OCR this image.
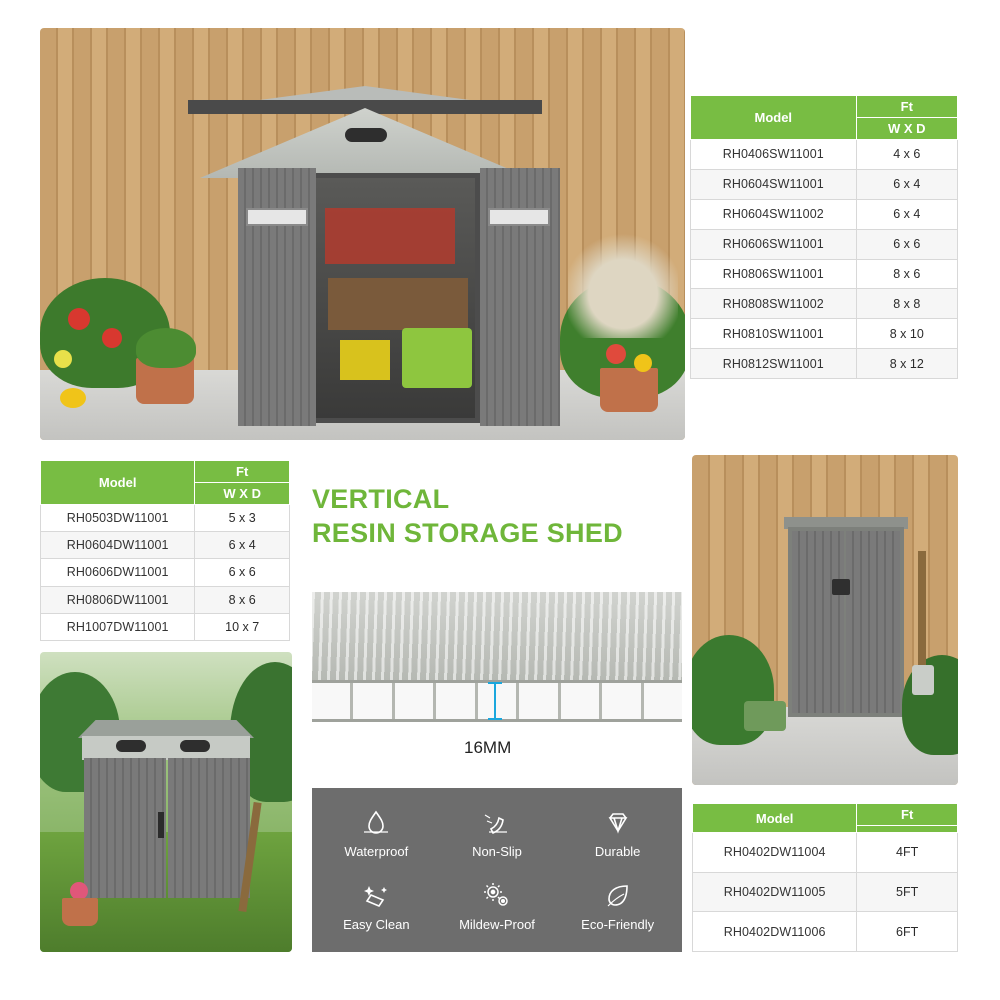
Model	Ft
	W X D
RH0406SW11001	4 x 6
RH0604SW11001	6 x 4
RH0604SW11002	6 x 4
RH0606SW11001	6 x 6
RH0806SW11001	8 x 6
RH0808SW11002	8 x 8
RH0810SW11001	8 x 10
RH0812SW11001	8 x 12
Model	Ft
	W X D
RH0503DW11001	5 x 3
RH0604DW11001	6 x 4
RH0606DW11001	6 x 6
RH0806DW11001	8 x 6
RH1007DW11001	10 x 7
VERTICAL
RESIN STORAGE SHED
16MM
Waterproof	Non-Slip	Durable
Easy Clean	Mildew-Proof	Eco-Friendly
Model	Ft

RH0402DW11004	4FT
RH0402DW11005	5FT
RH0402DW11006	6FT
